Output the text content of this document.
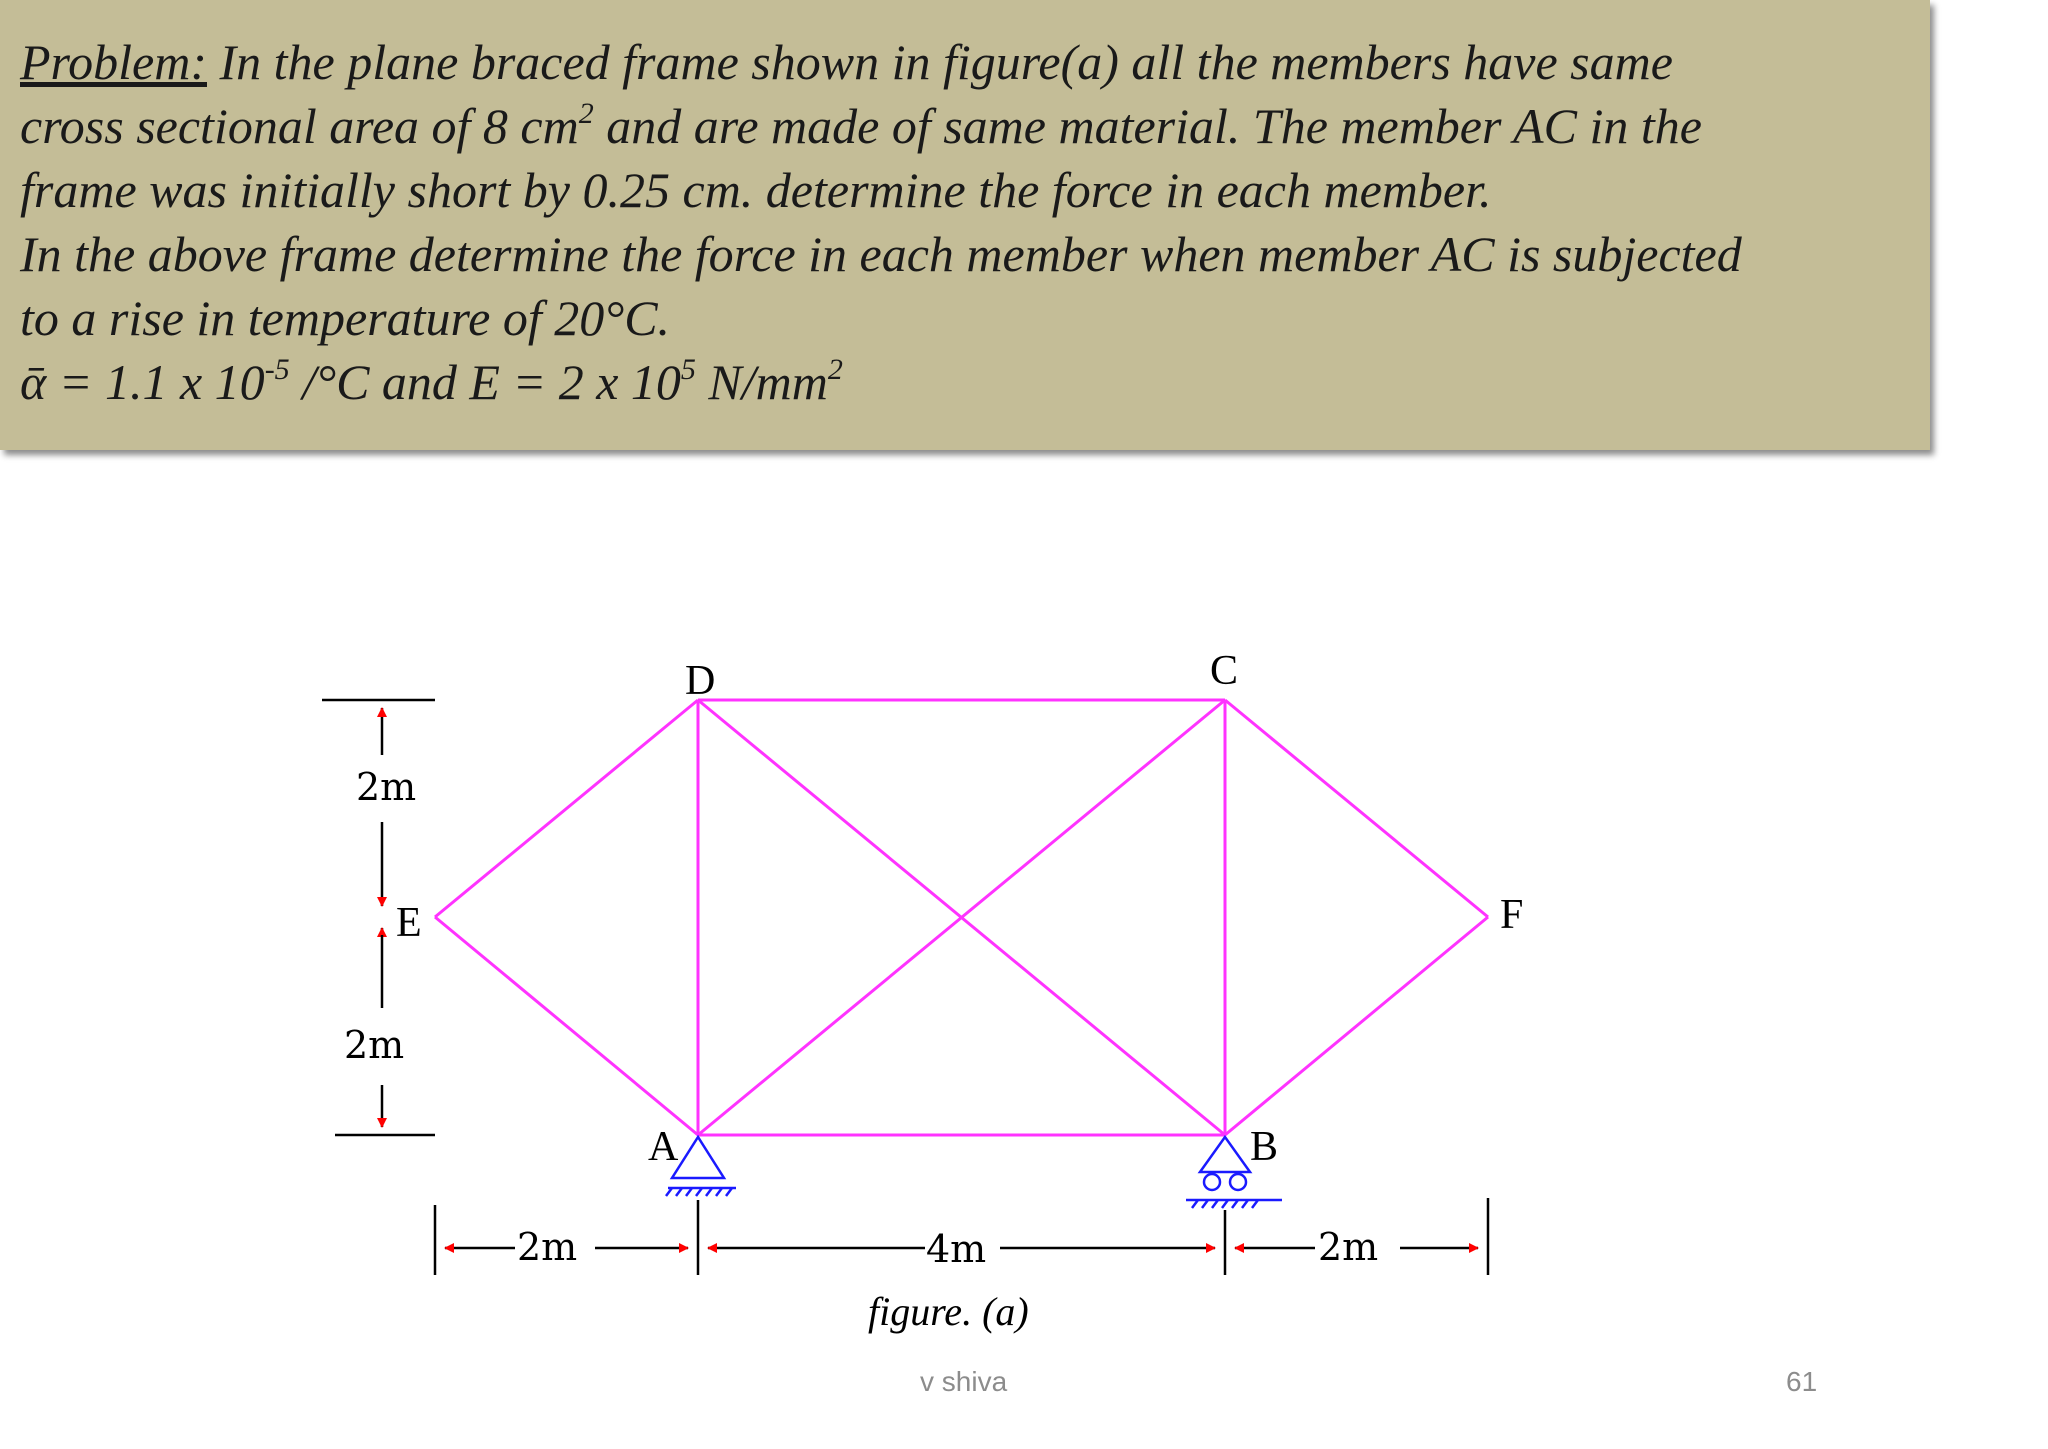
Problem: In the plane braced frame shown in figure(a) all the members have same
cross sectional area of 8 $cm^2$ and are made of same material. The member AC in the
frame was initially short by 0.25 cm. determine the force in each member.
In the above frame determine the force in each member when member AC is subjected
to a rise in temperature of 20°C.
ᾱ = 1.1 x $10^{-5}$ /°C and E = 2 x $10^5$ $N/mm^2$
D	C
E	F
A	B
2m
2m
2m	4m	2m
figure. (a)
v shiva	61
